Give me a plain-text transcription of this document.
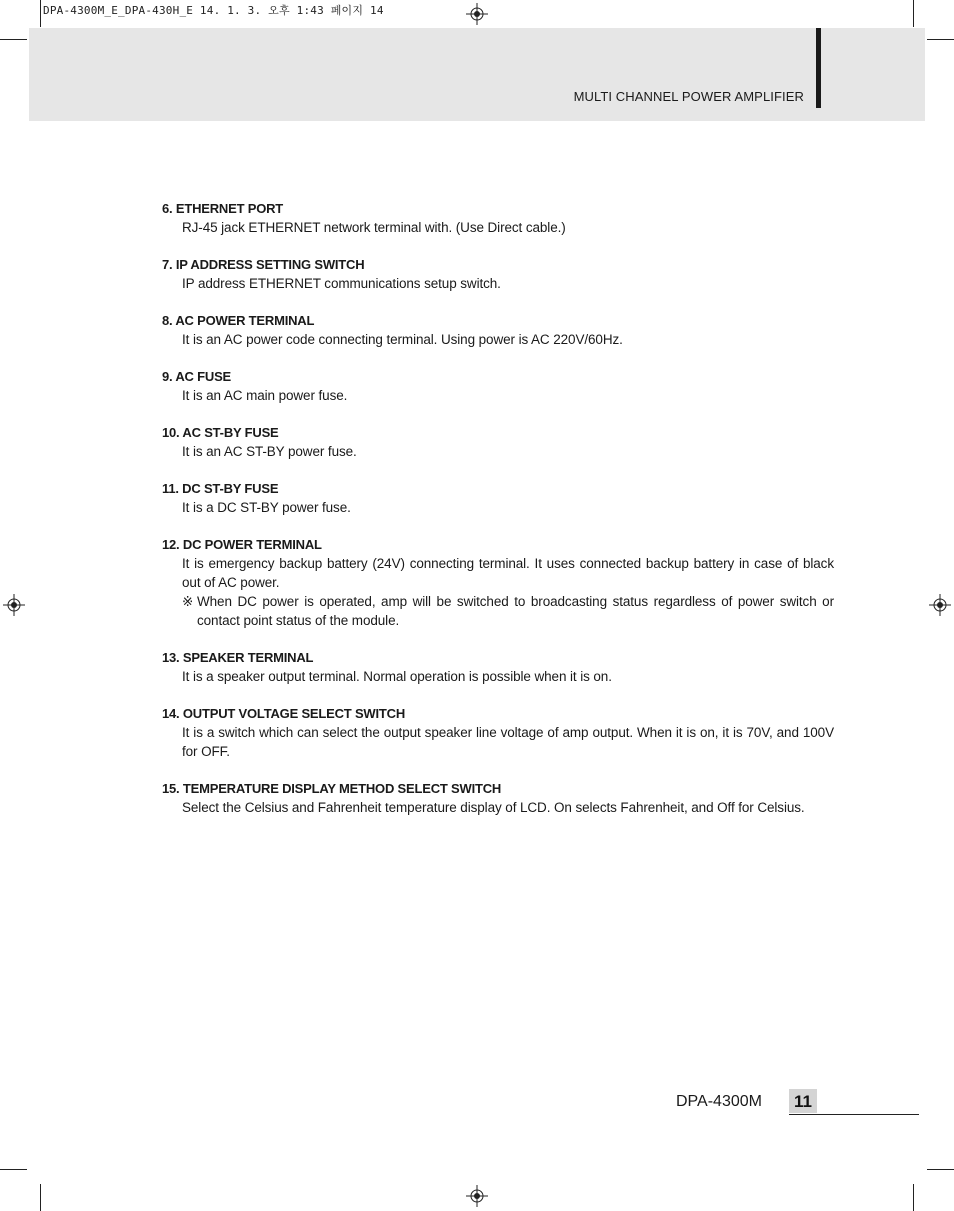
DPA-4300M_E_DPA-430H_E 14. 1. 3. 오후 1:43 페이지 14
MULTI CHANNEL POWER AMPLIFIER
6. ETHERNET PORT
RJ-45 jack ETHERNET network terminal with. (Use Direct cable.)
7. IP ADDRESS SETTING SWITCH
IP address ETHERNET communications setup switch.
8. AC POWER TERMINAL
It is an AC power code connecting terminal. Using power is AC 220V/60Hz.
9. AC FUSE
It is an AC main power fuse.
10. AC ST-BY FUSE
It is an AC ST-BY power fuse.
11. DC ST-BY FUSE
It is a DC ST-BY power fuse.
12. DC POWER TERMINAL
It is emergency backup battery (24V) connecting terminal. It uses connected backup battery in case of black out of AC power.
※ When DC power is operated, amp will be switched to broadcasting status regardless of power switch or contact point status of the module.
13. SPEAKER TERMINAL
It is a speaker output terminal. Normal operation is possible when it is on.
14. OUTPUT VOLTAGE SELECT SWITCH
It is a switch which can select the output speaker line voltage of amp output. When it is on, it is 70V, and 100V for OFF.
15. TEMPERATURE DISPLAY METHOD SELECT SWITCH
Select the Celsius and Fahrenheit temperature display of LCD. On selects Fahrenheit, and Off for Celsius.
DPA-4300M 11
